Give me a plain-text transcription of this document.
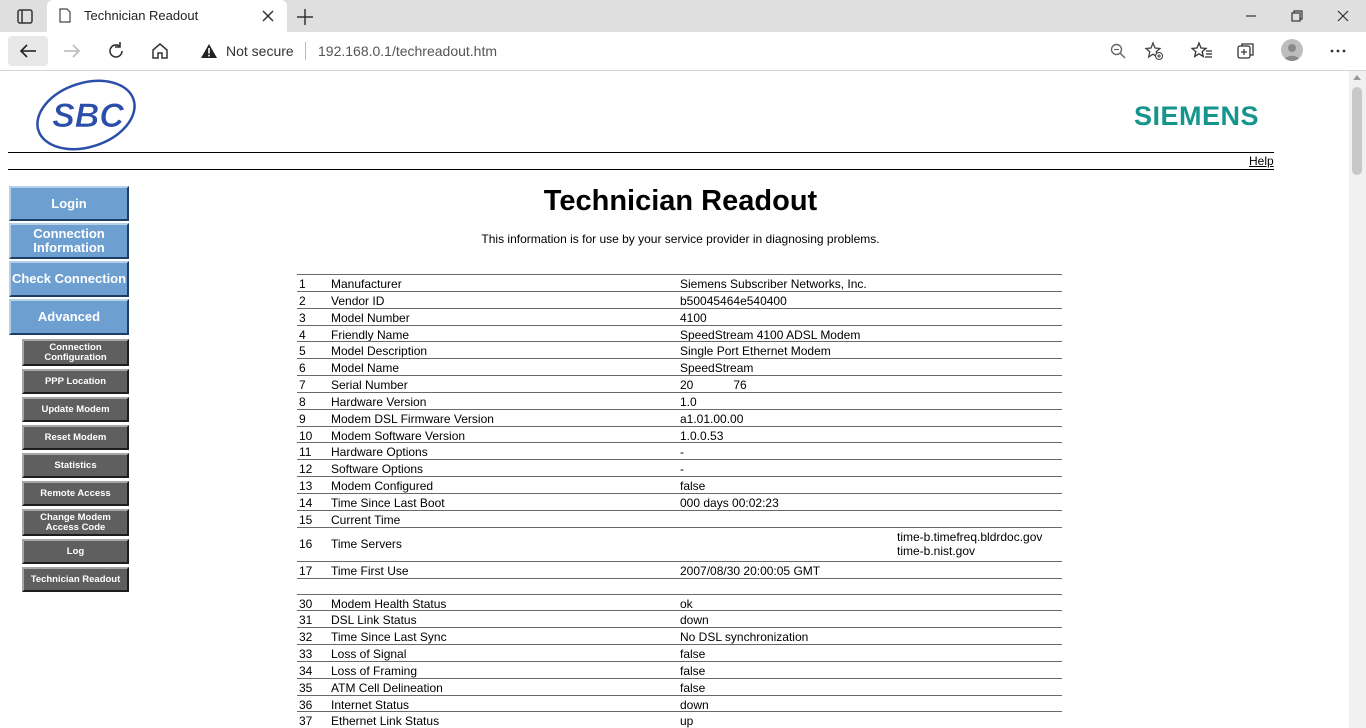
Technician Readout
Not secure 192.168.0.1/techreadout.htm
SBC	SIEMENS
Help
Login
Connection Information
Check Connection
Advanced
Connection Configuration
PPP Location
Update Modem
Reset Modem
Statistics
Remote Access
Change Modem Access Code
Log
Technician Readout
Technician Readout
This information is for use by your service provider in diagnosing problems.
1 Manufacturer	Siemens Subscriber Networks, Inc.
2 Vendor ID	b50045464e540400
3 Model Number	4100
4 Friendly Name	SpeedStream 4100 ADSL Modem
5 Model Description	Single Port Ethernet Modem
6 Model Name	SpeedStream
7 Serial Number	20            76
8 Hardware Version	1.0
9 Modem DSL Firmware Version	a1.01.00.00
10 Modem Software Version	1.0.0.53
11 Hardware Options	-
12 Software Options	-
13 Modem Configured	false
14 Time Since Last Boot	000 days 00:02:23
15 Current Time
16 Time Servers	time-b.timefreq.bldrdoc.gov
time-b.nist.gov
17 Time First Use	2007/08/30 20:00:05 GMT
30 Modem Health Status	ok
31 DSL Link Status	down
32 Time Since Last Sync	No DSL synchronization
33 Loss of Signal	false
34 Loss of Framing	false
35 ATM Cell Delineation	false
36 Internet Status	down
37 Ethernet Link Status	up
